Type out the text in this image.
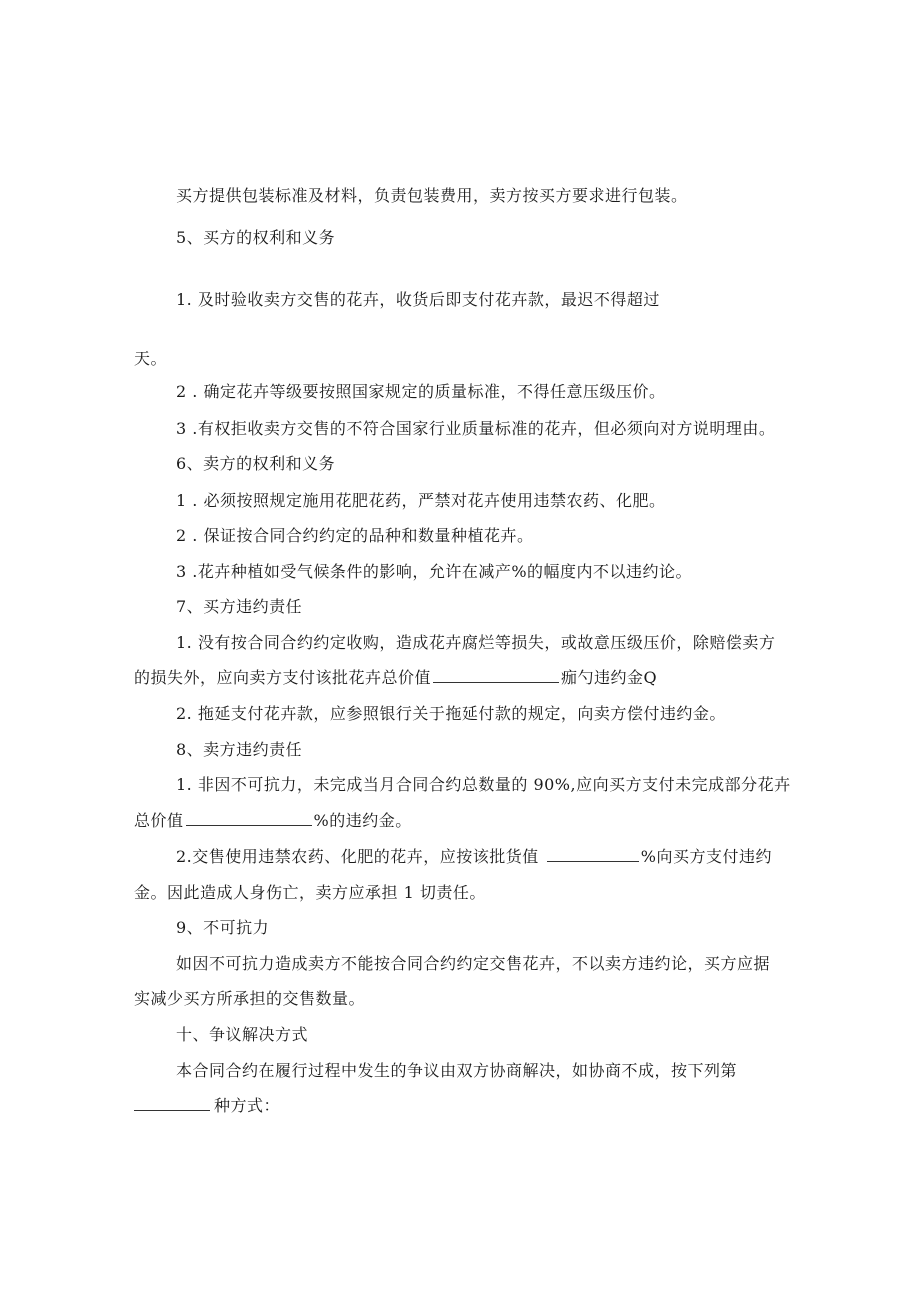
买方提供包装标准及材料，负责包装费用，卖方按买方要求进行包装。
5、买方的权利和义务
1. 及时验收卖方交售的花卉，收货后即支付花卉款，最迟不得超过
天。
2 . 确定花卉等级要按照国家规定的质量标准，不得任意压级压价。
3 .有权拒收卖方交售的不符合国家行业质量标准的花卉，但必须向对方说明理由。
6、卖方的权利和义务
1 . 必须按照规定施用花肥花药，严禁对花卉使用违禁农药、化肥。
2 . 保证按合同合约约定的品种和数量种植花卉。
3 .花卉种植如受气候条件的影响，允许在减产%的幅度内不以违约论。
7、买方违约责任
1. 没有按合同合约约定收购，造成花卉腐烂等损失，或故意压级压价，除赔偿卖方
的损失外，应向卖方支付该批花卉总价值	痂勺违约金Q
2. 拖延支付花卉款，应参照银行关于拖延付款的规定，向卖方偿付违约金。
8、卖方违约责任
1. 非因不可抗力，未完成当月合同合约总数量的 90%,应向买方支付未完成部分花卉
总价值	%的违约金。
2.交售使用违禁农药、化肥的花卉，应按该批货值	%向买方支付违约
金。因此造成人身伤亡，卖方应承担 1 切责任。
9、不可抗力
如因不可抗力造成卖方不能按合同合约约定交售花卉，不以卖方违约论，买方应据
实减少买方所承担的交售数量。
十、争议解决方式
本合同合约在履行过程中发生的争议由双方协商解决，如协商不成，按下列第
种方式：
